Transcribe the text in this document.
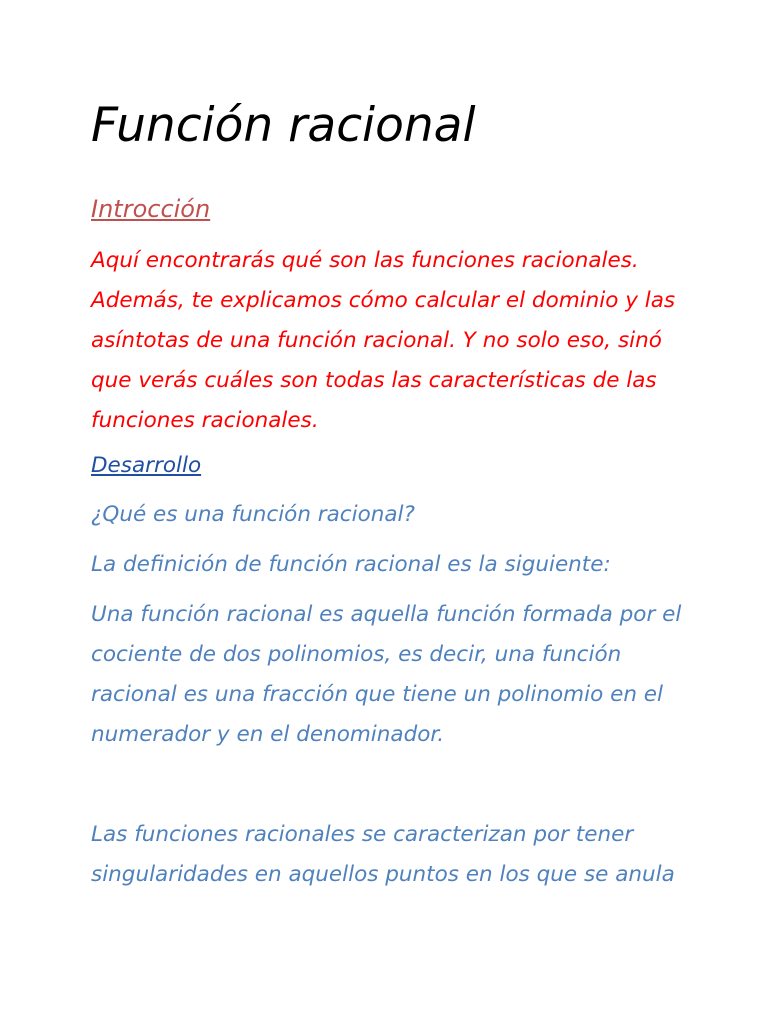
Función racional
Introcción
Aquí encontrarás qué son las funciones racionales. Además, te explicamos cómo calcular el dominio y las asíntotas de una función racional. Y no solo eso, sinó que verás cuáles son todas las características de las funciones racionales.
Desarrollo
¿Qué es una función racional?
La definición de función racional es la siguiente:
Una función racional es aquella función formada por el cociente de dos polinomios, es decir, una función racional es una fracción que tiene un polinomio en el numerador y en el denominador.
Las funciones racionales se caracterizan por tener singularidades en aquellos puntos en los que se anula
